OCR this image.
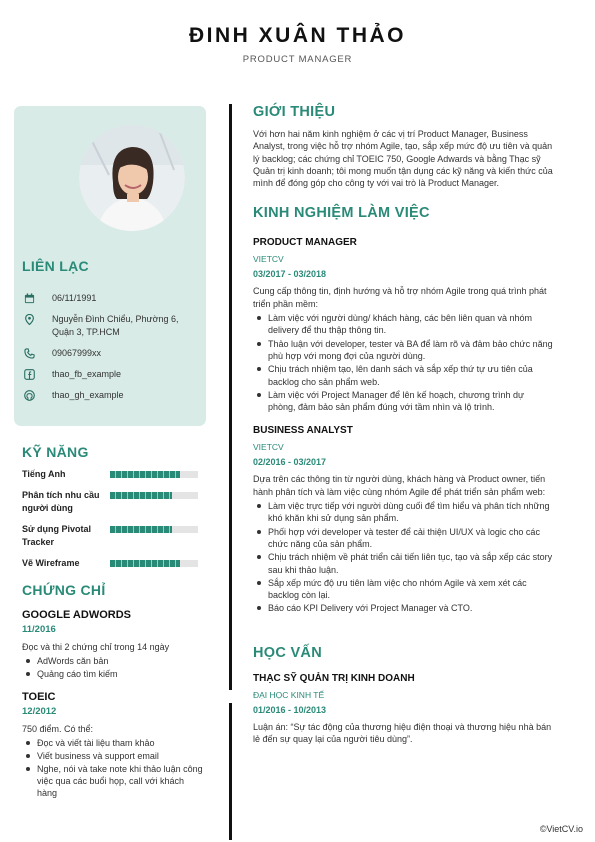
ĐINH XUÂN THẢO
PRODUCT MANAGER
LIÊN LẠC
06/11/1991
Nguyễn Đình Chiểu, Phường 6, Quận 3, TP.HCM
09067999xx
thao_fb_example
thao_gh_example
KỸ NĂNG
Tiếng Anh
Phân tích nhu cầu người dùng
Sử dụng Pivotal Tracker
Vẽ Wireframe
CHỨNG CHỈ
GOOGLE ADWORDS
11/2016
Đọc và thi 2 chứng chỉ trong 14 ngày
AdWords căn bản
Quảng cáo tìm kiếm
TOEIC
12/2012
750 điểm. Có thể:
Đọc và viết tài liệu tham khảo
Viết business và support email
Nghe, nói và take note khi thảo luận công việc qua các buổi họp, call với khách hàng
GIỚI THIỆU
Với hơn hai năm kinh nghiệm ở các vị trí Product Manager, Business Analyst, trong việc hỗ trợ nhóm Agile, tạo, sắp xếp mức độ ưu tiên và quản lý backlog; các chứng chỉ TOEIC 750, Google Adwards và bằng Thạc sỹ Quản trị kinh doanh; tôi mong muốn tận dụng các kỹ năng và kiến thức của mình để đóng góp cho công ty với vai trò là Product Manager.
KINH NGHIỆM LÀM VIỆC
PRODUCT MANAGER
VIETCV
03/2017 - 03/2018
Cung cấp thông tin, định hướng và hỗ trợ nhóm Agile trong quá trình phát triển phần mềm:
Làm việc với người dùng/ khách hàng, các bên liên quan và nhóm delivery để thu thập thông tin.
Thảo luận với developer, tester và BA để làm rõ và đảm bảo chức năng phù hợp với mong đợi của người dùng.
Chịu trách nhiệm tạo, lên danh sách và sắp xếp thứ tự ưu tiên của backlog cho sản phẩm web.
Làm việc với Project Manager để lên kế hoạch, chương trình dự phòng, đảm bảo sản phẩm đúng với tầm nhìn và lộ trình.
BUSINESS ANALYST
VIETCV
02/2016 - 03/2017
Dựa trên các thông tin từ người dùng, khách hàng và Product owner, tiến hành phân tích và làm việc cùng nhóm Agile để phát triển sản phẩm web:
Làm việc trực tiếp với người dùng cuối để tìm hiểu và phân tích những khó khăn khi sử dụng sản phẩm.
Phối hợp với developer và tester để cải thiện UI/UX và logic cho các chức năng của sản phẩm.
Chịu trách nhiệm về phát triển cải tiến liên tục, tạo và sắp xếp các story sau khi thảo luận.
Sắp xếp mức độ ưu tiên làm việc cho nhóm Agile và xem xét các backlog còn lại.
Báo cáo KPI Delivery với Project Manager và CTO.
HỌC VẤN
THẠC SỸ QUẢN TRỊ KINH DOANH
ĐẠI HỌC KINH TẾ
01/2016 - 10/2013
Luận án: “Sự tác động của thương hiệu điện thoại và thương hiệu nhà bán lẻ đến sự quay lại của người tiêu dùng”.
©VietCV.io
